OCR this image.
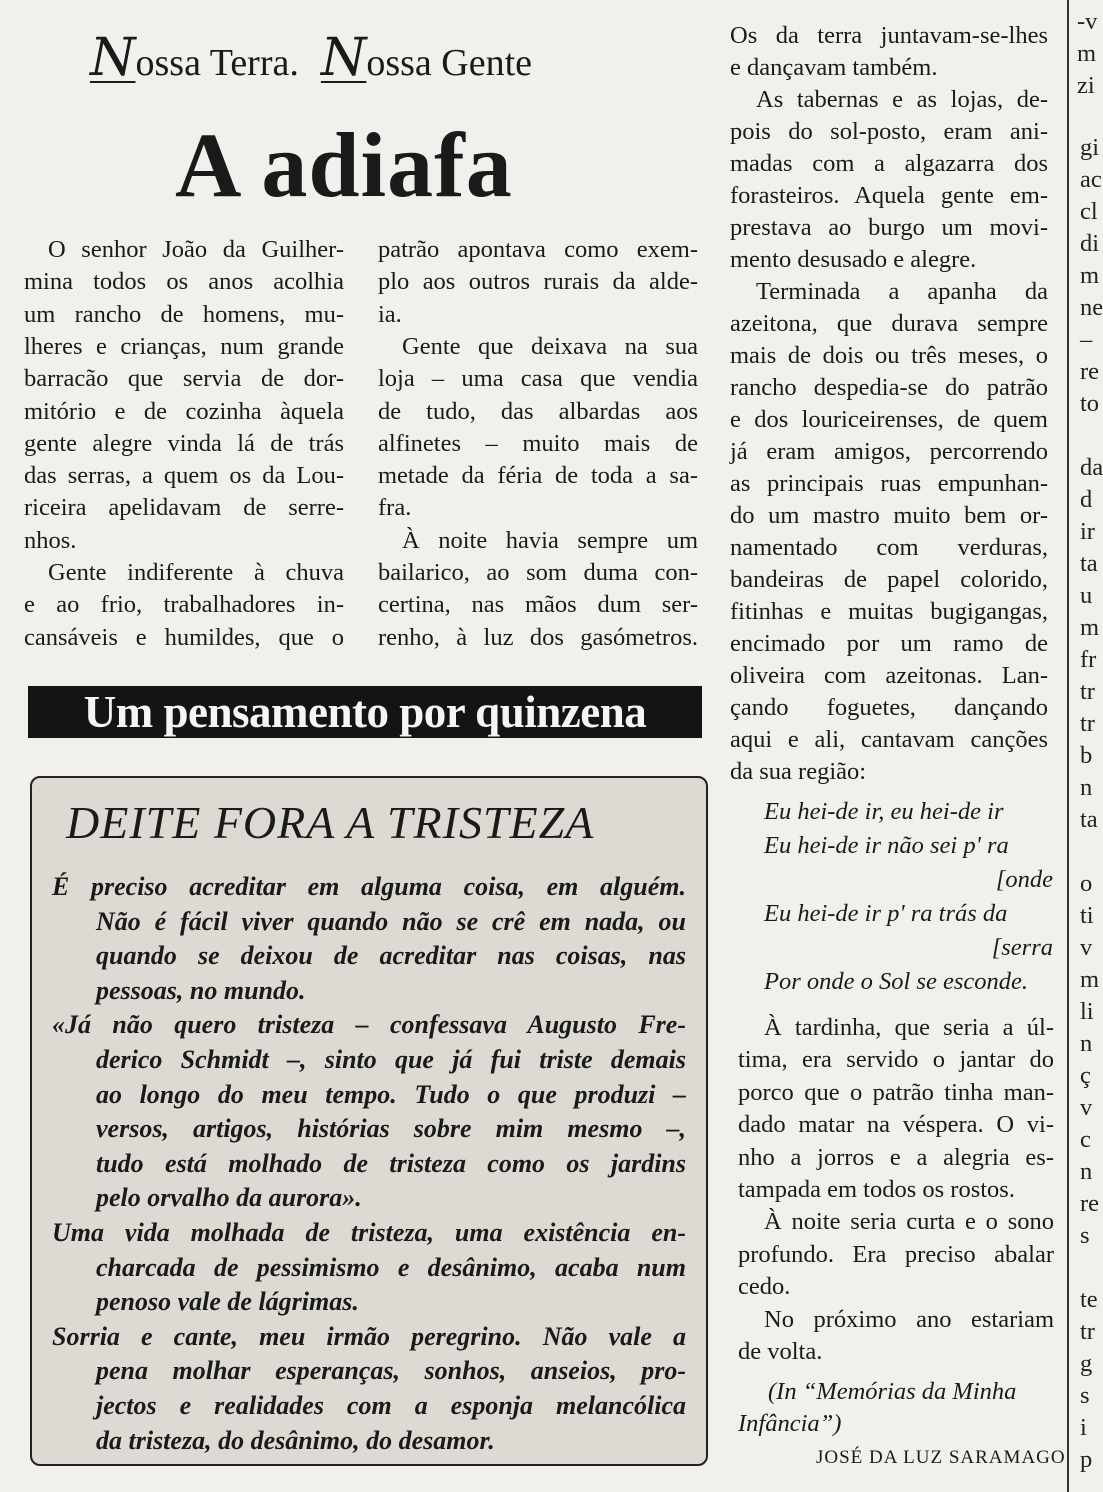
Nossa Terra. Nossa Gente
A adiafa
O senhor João da Guilher-
mina todos os anos acolhia
um rancho de homens, mu-
lheres e crianças, num grande
barracão que servia de dor-
mitório e de cozinha àquela
gente alegre vinda lá de trás
das serras, a quem os da Lou-
riceira apelidavam de serre-
nhos.
Gente indiferente à chuva
e ao frio, trabalhadores in-
cansáveis e humildes, que o
patrão apontava como exem-
plo aos outros rurais da alde-
ia.
Gente que deixava na sua
loja – uma casa que vendia
de tudo, das albardas aos
alfinetes – muito mais de
metade da féria de toda a sa-
fra.
À noite havia sempre um
bailarico, ao som duma con-
certina, nas mãos dum ser-
renho, à luz dos gasómetros.
Os da terra juntavam-se-lhes
e dançavam também.
As tabernas e as lojas, de-
pois do sol-posto, eram ani-
madas com a algazarra dos
forasteiros. Aquela gente em-
prestava ao burgo um movi-
mento desusado e alegre.
Terminada a apanha da
azeitona, que durava sempre
mais de dois ou três meses, o
rancho despedia-se do patrão
e dos louriceirenses, de quem
já eram amigos, percorrendo
as principais ruas empunhan-
do um mastro muito bem or-
namentado com verduras,
bandeiras de papel colorido,
fitinhas e muitas bugigangas,
encimado por um ramo de
oliveira com azeitonas. Lan-
çando foguetes, dançando
aqui e ali, cantavam canções
da sua região:
Eu hei-de ir, eu hei-de ir
Eu hei-de ir não sei p' ra
[onde
Eu hei-de ir p' ra trás da
[serra
Por onde o Sol se esconde.
À tardinha, que seria a úl-
tima, era servido o jantar do
porco que o patrão tinha man-
dado matar na véspera. O vi-
nho a jorros e a alegria es-
tampada em todos os rostos.
À noite seria curta e o sono
profundo. Era preciso abalar
cedo.
No próximo ano estariam
de volta.
(In “Memórias da Minha
Infância”)
Um pensamento por quinzena
DEITE FORA A TRISTEZA
É preciso acreditar em alguma coisa, em alguém.
Não é fácil viver quando não se crê em nada, ou
quando se deixou de acreditar nas coisas, nas
pessoas, no mundo.
«Já não quero tristeza – confessava Augusto Fre-
derico Schmidt –, sinto que já fui triste demais
ao longo do meu tempo. Tudo o que produzi –
versos, artigos, histórias sobre mim mesmo –,
tudo está molhado de tristeza como os jardins
pelo orvalho da aurora».
Uma vida molhada de tristeza, uma existência en-
charcada de pessimismo e desânimo, acaba num
penoso vale de lágrimas.
Sorria e cante, meu irmão peregrino. Não vale a
pena molhar esperanças, sonhos, anseios, pro-
jectos e realidades com a esponja melancólica
da tristeza, do desânimo, do desamor.
JOSÉ DA LUZ SARAMAGO
-v
m
zi
gi
ac
cl
di
m
ne
–
re
to
da
d
ir
ta
u
m
fr
tr
tr
b
n
ta
o
ti
v
m
li
n
ç
v
c
n
re
s
te
tr
g
s
i
p
